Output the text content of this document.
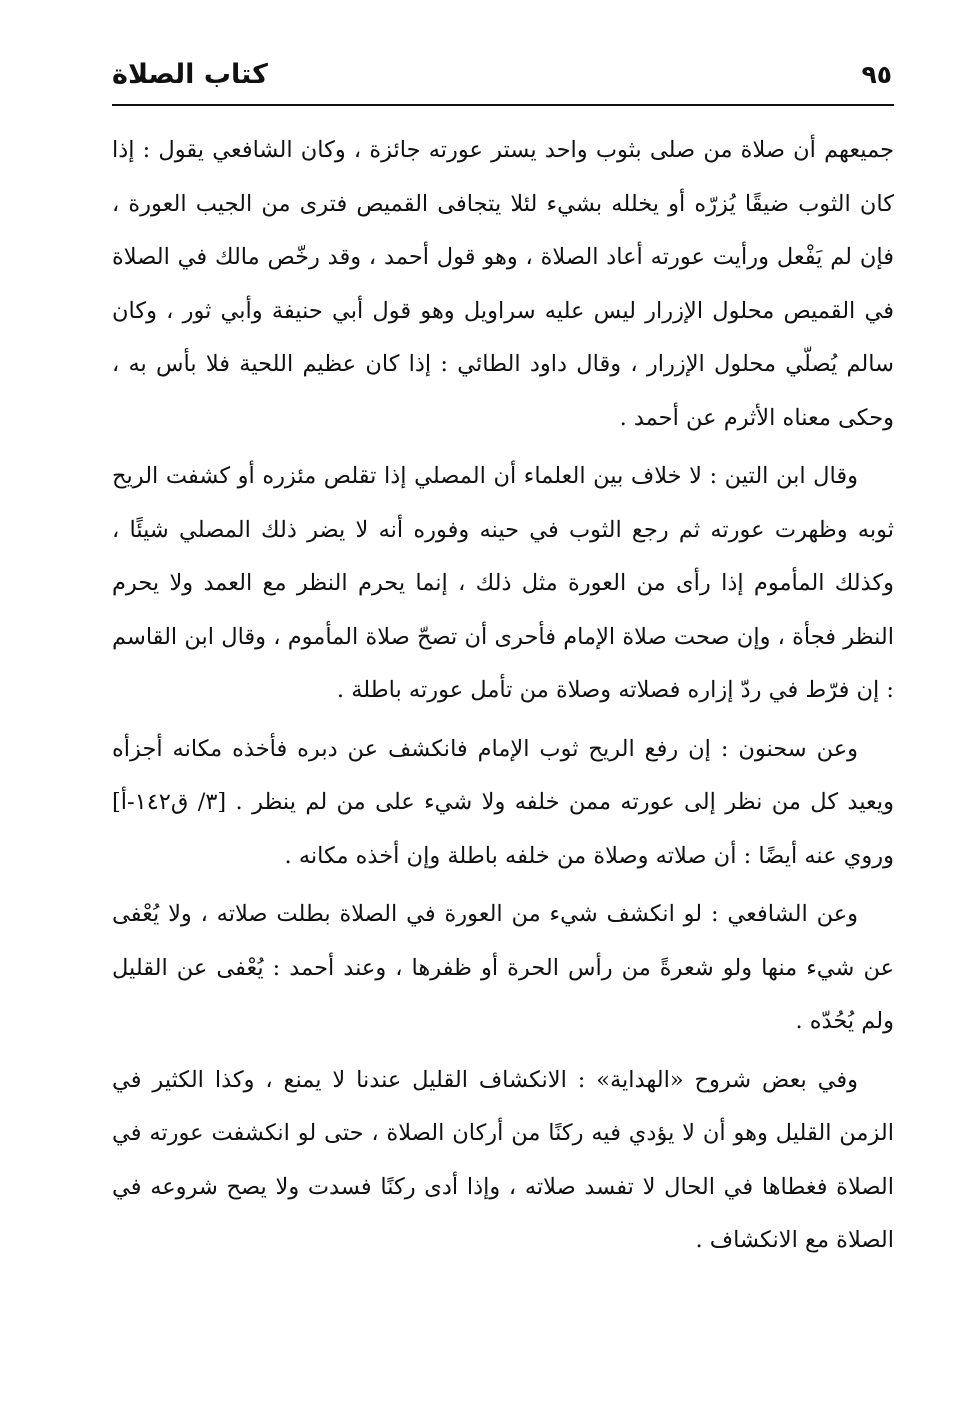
كتاب الصلاة	٩٥

جميعهم أن صلاة من صلى بثوب واحد يستر عورته جائزة ، وكان الشافعي يقول : إذا كان الثوب ضيقًا يُزرّه أو يخلله بشيء لئلا يتجافى القميص فترى من الجيب العورة ، فإن لم يَفْعل ورأيت عورته أعاد الصلاة ، وهو قول أحمد ، وقد رخّص مالك في الصلاة في القميص محلول الإزرار ليس عليه سراويل وهو قول أبي حنيفة وأبي ثور ، وكان سالم يُصلّي محلول الإزرار ، وقال داود الطائي : إذا كان عظيم اللحية فلا بأس به ، وحكى معناه الأثرم عن أحمد .

وقال ابن التين : لا خلاف بين العلماء أن المصلي إذا تقلص مئزره أو كشفت الريح ثوبه وظهرت عورته ثم رجع الثوب في حينه وفوره أنه لا يضر ذلك المصلي شيئًا ، وكذلك المأموم إذا رأى من العورة مثل ذلك ، إنما يحرم النظر مع العمد ولا يحرم النظر فجأة ، وإن صحت صلاة الإمام فأحرى أن تصحّ صلاة المأموم ، وقال ابن القاسم : إن فرّط في ردّ إزاره فصلاته وصلاة من تأمل عورته باطلة .

وعن سحنون : إن رفع الريح ثوب الإمام فانكشف عن دبره فأخذه مكانه أجزأه ويعيد كل من نظر إلى عورته ممن خلفه ولا شيء على من لم ينظر . [٣/ ق١٤٢-أ] وروي عنه أيضًا : أن صلاته وصلاة من خلفه باطلة وإن أخذه مكانه .

وعن الشافعي : لو انكشف شيء من العورة في الصلاة بطلت صلاته ، ولا يُعْفى عن شيء منها ولو شعرةً من رأس الحرة أو ظفرها ، وعند أحمد : يُعْفى عن القليل ولم يُحُدّه .

وفي بعض شروح «الهداية» : الانكشاف القليل عندنا لا يمنع ، وكذا الكثير في الزمن القليل وهو أن لا يؤدي فيه ركنًا من أركان الصلاة ، حتى لو انكشفت عورته في الصلاة فغطاها في الحال لا تفسد صلاته ، وإذا أدى ركنًا فسدت ولا يصح شروعه في الصلاة مع الانكشاف .
